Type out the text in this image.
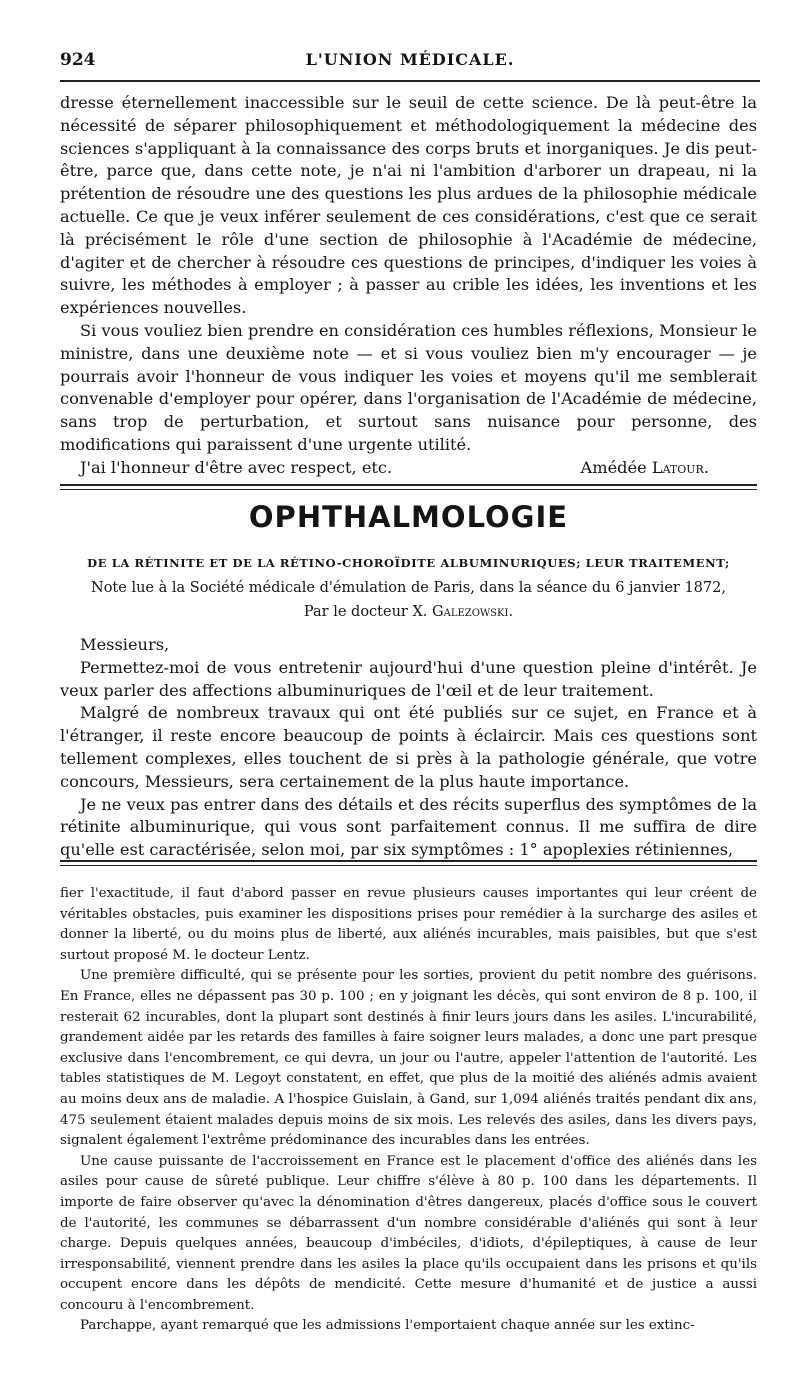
924	L'UNION MÉDICALE.

dresse éternellement inaccessible sur le seuil de cette science. De là peut-être la nécessité de séparer philosophiquement et méthodologiquement la médecine des sciences s'appliquant à la connaissance des corps bruts et inorganiques. Je dis peut-être, parce que, dans cette note, je n'ai ni l'ambition d'arborer un drapeau, ni la prétention de résoudre une des questions les plus ardues de la philosophie médicale actuelle. Ce que je veux inférer seulement de ces considérations, c'est que ce serait là précisément le rôle d'une section de philosophie à l'Académie de médecine, d'agiter et de chercher à résoudre ces questions de principes, d'indiquer les voies à suivre, les méthodes à employer ; à passer au crible les idées, les inventions et les expériences nouvelles.

Si vous vouliez bien prendre en considération ces humbles réflexions, Monsieur le ministre, dans une deuxième note — et si vous vouliez bien m'y encourager — je pourrais avoir l'honneur de vous indiquer les voies et moyens qu'il me semblerait convenable d'employer pour opérer, dans l'organisation de l'Académie de médecine, sans trop de perturbation, et surtout sans nuisance pour personne, des modifications qui paraissent d'une urgente utilité.

J'ai l'honneur d'être avec respect, etc.	Amédée Latour.
OPHTHALMOLOGIE
DE LA RÉTINITE ET DE LA RÉTINO-CHOROÏDITE ALBUMINURIQUES; LEUR TRAITEMENT;
Note lue à la Société médicale d'émulation de Paris, dans la séance du 6 janvier 1872,
Par le docteur X. Galezowski.

Messieurs,

Permettez-moi de vous entretenir aujourd'hui d'une question pleine d'intérêt. Je veux parler des affections albuminuriques de l'œil et de leur traitement.

Malgré de nombreux travaux qui ont été publiés sur ce sujet, en France et à l'étranger, il reste encore beaucoup de points à éclaircir. Mais ces questions sont tellement complexes, elles touchent de si près à la pathologie générale, que votre concours, Messieurs, sera certainement de la plus haute importance.

Je ne veux pas entrer dans des détails et des récits superflus des symptômes de la rétinite albuminurique, qui vous sont parfaitement connus. Il me suffira de dire qu'elle est caractérisée, selon moi, par six symptômes : 1° apoplexies rétiniennes,

fier l'exactitude, il faut d'abord passer en revue plusieurs causes importantes qui leur créent de véritables obstacles, puis examiner les dispositions prises pour remédier à la surcharge des asiles et donner la liberté, ou du moins plus de liberté, aux aliénés incurables, mais paisibles, but que s'est surtout proposé M. le docteur Lentz.

Une première difficulté, qui se présente pour les sorties, provient du petit nombre des guérisons. En France, elles ne dépassent pas 30 p. 100 ; en y joignant les décès, qui sont environ de 8 p. 100, il resterait 62 incurables, dont la plupart sont destinés à finir leurs jours dans les asiles. L'incurabilité, grandement aidée par les retards des familles à faire soigner leurs malades, a donc une part presque exclusive dans l'encombrement, ce qui devra, un jour ou l'autre, appeler l'attention de l'autorité. Les tables statistiques de M. Legoyt constatent, en effet, que plus de la moitié des aliénés admis avaient au moins deux ans de maladie. A l'hospice Guislain, à Gand, sur 1,094 aliénés traités pendant dix ans, 475 seulement étaient malades depuis moins de six mois. Les relevés des asiles, dans les divers pays, signalent également l'extrême prédominance des incurables dans les entrées.

Une cause puissante de l'accroissement en France est le placement d'office des aliénés dans les asiles pour cause de sûreté publique. Leur chiffre s'élève à 80 p. 100 dans les départements. Il importe de faire observer qu'avec la dénomination d'êtres dangereux, placés d'office sous le couvert de l'autorité, les communes se débarrassent d'un nombre considérable d'aliénés qui sont à leur charge. Depuis quelques années, beaucoup d'imbéciles, d'idiots, d'épileptiques, à cause de leur irresponsabilité, viennent prendre dans les asiles la place qu'ils occupaient dans les prisons et qu'ils occupent encore dans les dépôts de mendicité. Cette mesure d'humanité et de justice a aussi concouru à l'encombrement.

Parchappe, ayant remarqué que les admissions l'emportaient chaque année sur les extinc-
